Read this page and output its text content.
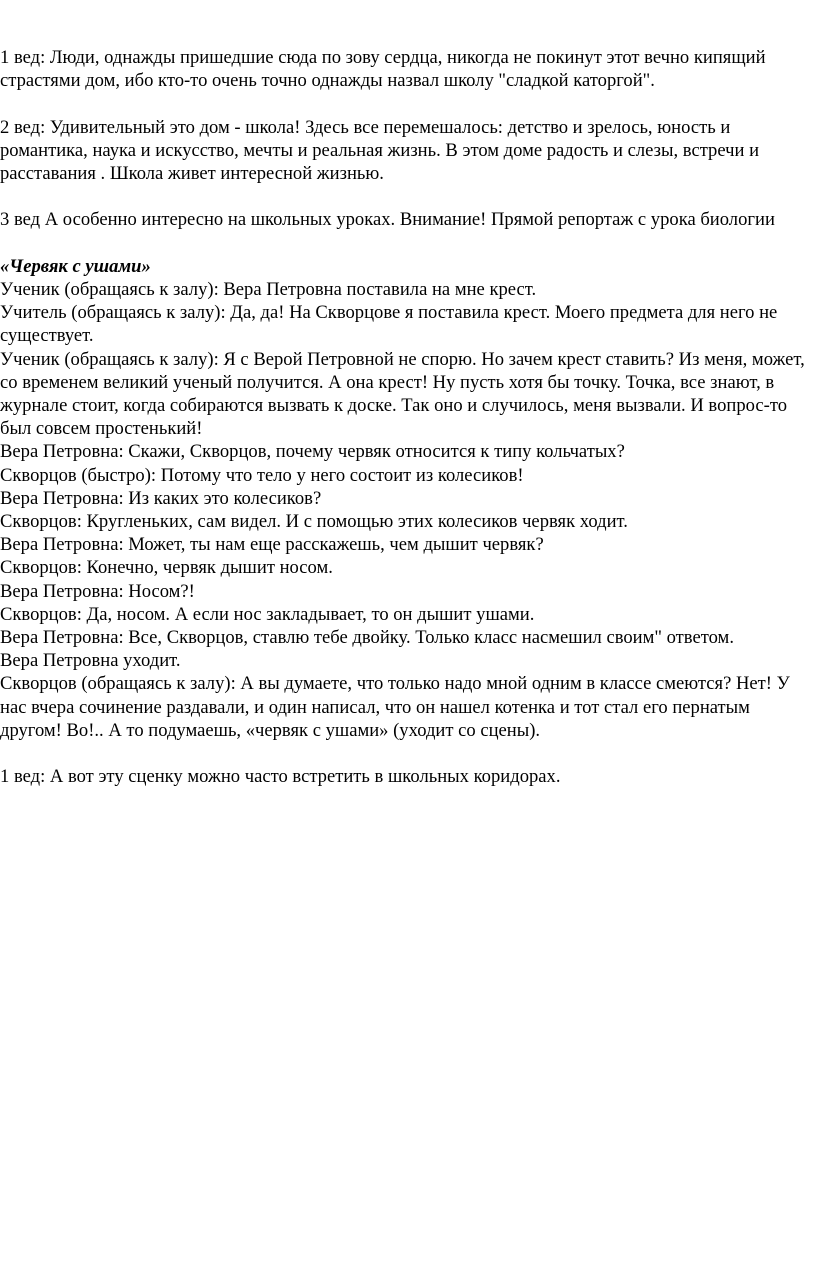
1 вед: Люди, однажды пришедшие сюда по зову сердца, никогда не покинут этот вечно кипящий страстями дом, ибо кто-то очень точно однажды назвал школу "сладкой каторгой".

2 вед: Удивительный это дом - школа! Здесь все перемешалось: детство и зрелось, юность и романтика, наука и искусство, мечты и реальная жизнь. В этом доме радость и слезы, встречи и расставания . Школа живет интересной жизнью.

3 вед А особенно интересно на школьных уроках. Внимание! Прямой репортаж с урока биологии

«Червяк с ушами»

Ученик (обращаясь к залу): Вера Петровна поставила на мне крест.

Учитель (обращаясь к залу): Да, да! На Скворцове я поставила крест. Моего предмета для него не существует.

Ученик (обращаясь к залу): Я с Верой Петровной не спорю. Но зачем крест ставить? Из меня, может, со временем великий ученый получится. А она крест! Ну пусть хотя бы точку. Точка, все знают, в журнале стоит, когда собираются вызвать к доске. Так оно и случилось, меня вызвали. И вопрос-то был совсем простенький!

Вера Петровна: Скажи, Скворцов, почему червяк относится к типу кольчатых?

Скворцов (быстро): Потому что тело у него состоит из колесиков!

Вера Петровна: Из каких это колесиков?

Скворцов: Кругленьких, сам видел. И с помощью этих колесиков червяк ходит.

Вера Петровна: Может, ты нам еще расскажешь, чем дышит червяк?

Скворцов: Конечно, червяк дышит носом.

Вера Петровна: Носом?!

Скворцов: Да, носом. А если нос закладывает, то он дышит ушами.

Вера Петровна: Все, Скворцов, ставлю тебе двойку. Только класс насмешил своим" ответом.

Вера Петровна уходит.

Скворцов (обращаясь к залу): А вы думаете, что только надо мной одним в классе смеются? Нет! У нас вчера сочинение раздавали, и один написал, что он нашел котенка и тот стал его пернатым другом! Во!.. А то подумаешь, «червяк с ушами» (уходит со сцены).

1 вед: А вот эту сценку можно часто встретить в школьных коридорах.
